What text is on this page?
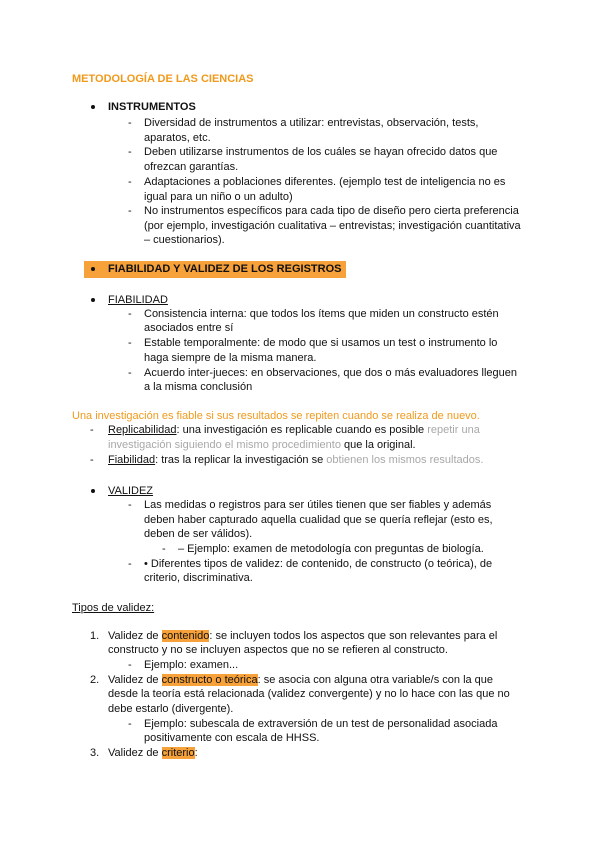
METODOLOGÍA DE LAS CIENCIAS
INSTRUMENTOS
- Diversidad de instrumentos a utilizar: entrevistas, observación, tests,
aparatos, etc.
- Deben utilizarse instrumentos de los cuáles se hayan ofrecido datos que
ofrezcan garantías.
- Adaptaciones a poblaciones diferentes. (ejemplo test de inteligencia no es
igual para un niño o un adulto)
- No instrumentos específicos para cada tipo de diseño pero cierta preferencia
(por ejemplo, investigación cualitativa – entrevistas; investigación cuantitativa
– cuestionarios).
FIABILIDAD Y VALIDEZ DE LOS REGISTROS
FIABILIDAD
- Consistencia interna: que todos los ítems que miden un constructo estén
asociados entre sí
- Estable temporalmente: de modo que si usamos un test o instrumento lo
haga siempre de la misma manera.
- Acuerdo inter-jueces: en observaciones, que dos o más evaluadores lleguen
a la misma conclusión
Una investigación es fiable si sus resultados se repiten cuando se realiza de nuevo.
- Replicabilidad: una investigación es replicable cuando es posible repetir una
investigación siguiendo el mismo procedimiento que la original.
- Fiabilidad: tras la replicar la investigación se obtienen los mismos resultados.
VALIDEZ
- Las medidas o registros para ser útiles tienen que ser fiables y además
deben haber capturado aquella cualidad que se quería reflejar (esto es,
deben de ser válidos).
- – Ejemplo: examen de metodología con preguntas de biología.
- • Diferentes tipos de validez: de contenido, de constructo (o teórica), de
criterio, discriminativa.
Tipos de validez:
1. Validez de contenido: se incluyen todos los aspectos que son relevantes para el
constructo y no se incluyen aspectos que no se refieren al constructo.
- Ejemplo: examen...
2. Validez de constructo o teórica: se asocia con alguna otra variable/s con la que
desde la teoría está relacionada (validez convergente) y no lo hace con las que no
debe estarlo (divergente).
- Ejemplo: subescala de extraversión de un test de personalidad asociada
positivamente con escala de HHSS.
3. Validez de criterio:
